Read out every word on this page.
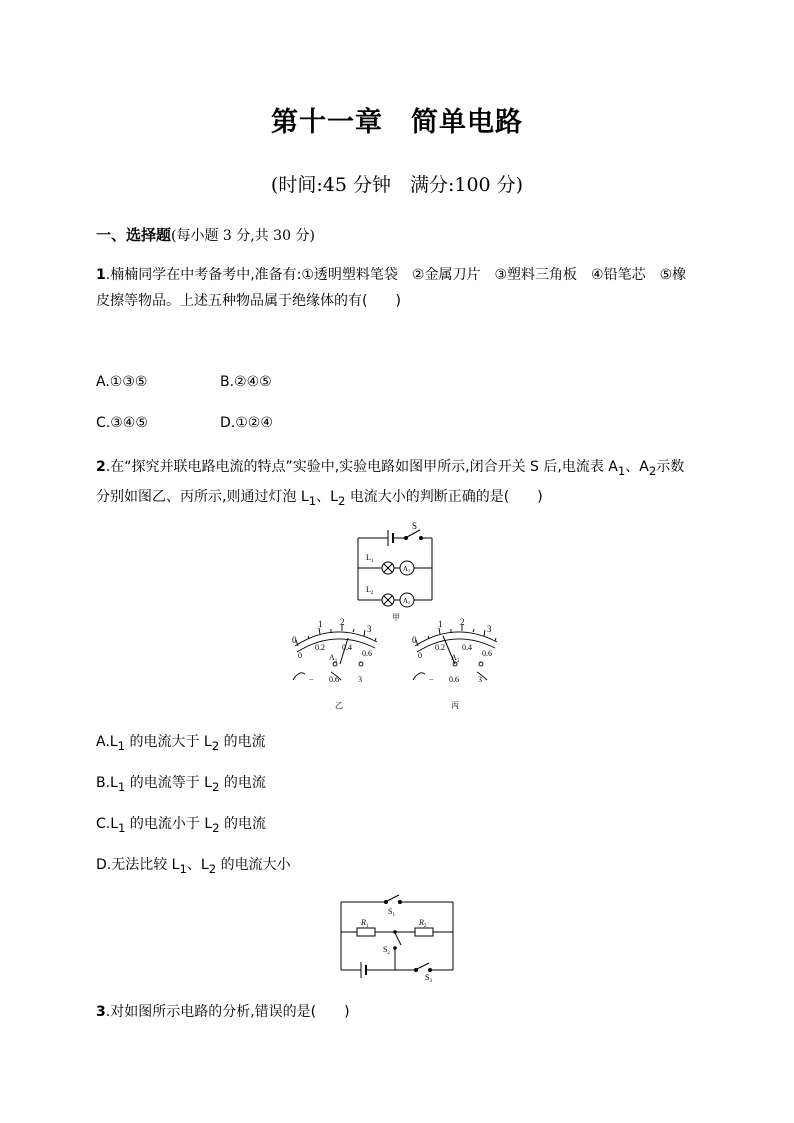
第十一章 简单电路
(时间:45 分钟　满分:100 分)
一、选择题(每小题 3 分,共 30 分)
1.楠楠同学在中考备考中,准备有:①透明塑料笔袋　②金属刀片　③塑料三角板　④铅笔芯　⑤橡皮擦等物品。上述五种物品属于绝缘体的有(　　)
A.①③⑤	B.②④⑤
C.③④⑤	D.①②④
2.在“探究并联电路电流的特点”实验中,实验电路如图甲所示,闭合开关 S 后,电流表 $A_1$、$A_2$示数分别如图乙、丙所示,则通过灯泡 $L_1$、$L_2$ 电流大小的判断正确的是(　　)
S
$L_1$
$L_2$
A1
A2
甲
0
1 2
3
0
0.2 0.4
0.6
$A_1$
− 0.6 3
乙
0
1 2
3
0
0.2 0.4
0.6
$A_2$
− 0.6 3
丙
$A.L_1$ 的电流大于 $L_2$ 的电流
$B.L_1$ 的电流等于 $L_2$ 的电流
$C.L_1$ 的电流小于 $L_2$ 的电流
D.无法比较 $L_1$、$L_2$ 的电流大小
$S_1$
$R_1$	$R_2$
$S_2$
$S_3$
3.对如图所示电路的分析,错误的是(　　)
